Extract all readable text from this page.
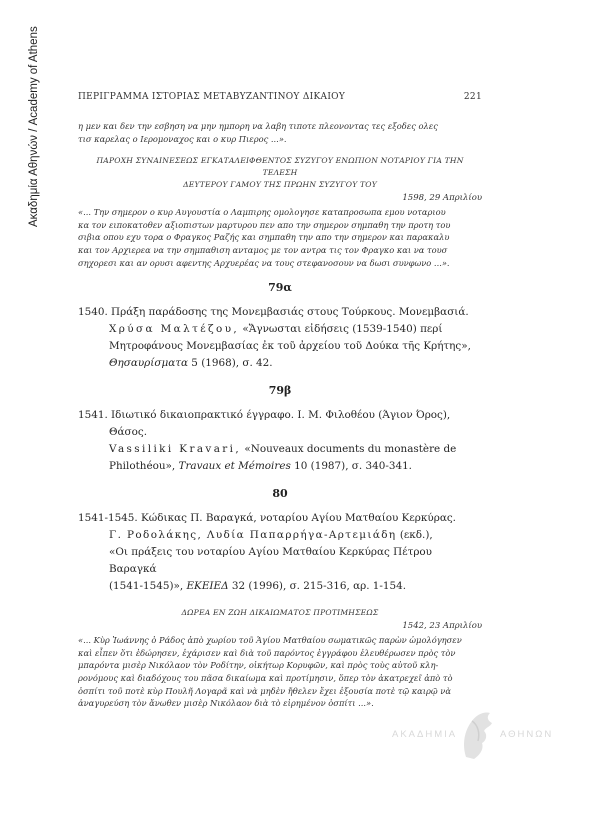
Ακαδημία Αθηνών / Academy of Athens	ΠΕΡΙΓΡΑΜΜΑ ΙΣΤΟΡΙΑΣ ΜΕΤΑΒΥΖΑΝΤΙΝΟΥ ΔΙΚΑΙΟΥ	221

η μεν και δεν την εσβηση να μην ημπορη να λαβη τιποτε πλεονοντας τες εξοδες ολες

τισ καρελας ο Ιερομοναχος και ο κυρ Πιερος ...».

ΠΑΡΟΧΗ ΣΥΝΑΙΝΕΣΕΩΣ ΕΓΚΑΤΑΛΕΙΦΘΕΝΤΟΣ ΣΥΖΥΓΟΥ ΕΝΩΠΙΟΝ ΝΟΤΑΡΙΟΥ ΓΙΑ ΤΗΝ ΤΕΛΕΣΗ

ΔΕΥΤΕΡΟΥ ΓΑΜΟΥ ΤΗΣ ΠΡΩΗΝ ΣΥΖΥΓΟΥ ΤΟΥ

1598, 29 Απριλίου

«... Την σημερον ο κυρ Αυγουστία ο Λαμπιρης ομολογησε καταπροσωπα εμου νοταριου

κα τον ειποκατοθεν αξιοπιστων μαρτυρου πεν απο την σημερον σημπαθη την προτη του

σιβια οπου εχυ τορα ο Φραγκος Ραζής και σημπαθη την απο την σημερον και παρακαλυ

και τον Αρχιερεα να την σημπαθιση ανταμος με τον αντρα τις τον Φραγκο και να τουσ

σηχορεσι και αν ορυσι αφεντης Αρχυερέας να τους στεφανοσουν να δωσι συνφωνο ...».

79α
1540. Πράξη παράδοσης της Μονεμβασιάς στους Τούρκους. Μονεμβασιά.
Χρύσα Μαλτέζου, «Ἄγνωσται εἰδήσεις (1539-1540) περί
Μητροφάνους Μονεμβασίας ἐκ τοῦ ἀρχείου τοῦ Δούκα τῆς Κρήτης»,
Θησαυρίσματα 5 (1968), σ. 42.
79β
1541. Ιδιωτικό δικαιοπρακτικό έγγραφο. Ι. Μ. Φιλοθέου (Άγιον Όρος),
Θάσος.
Vassiliki Kravari, «Nouveaux documents du monastère de
Philothéou», Travaux et Mémoires 10 (1987), σ. 340-341.
80
1541-1545. Κώδικας Π. Βαραγκά, νοταρίου Αγίου Ματθαίου Κερκύρας.
Γ. Ροδολάκης, Λυδία Παπαρρήγα-Αρτεμιάδη (εκδ.),
«Οι πράξεις του νοταρίου Αγίου Ματθαίου Κερκύρας Πέτρου Βαραγκά
(1541-1545)», ΕΚΕΙΕΔ 32 (1996), σ. 215-316, αρ. 1-154.

ΔΩΡΕΑ ΕΝ ΖΩΗ ΔΙΚΑΙΩΜΑΤΟΣ ΠΡΟΤΙΜΗΣΕΩΣ

1542, 23 Απριλίου

«... Κὺρ Ἰωάννης ὁ Ράδος ἀπὸ χωρίου τοῦ Ἁγίου Ματθαίου σωματικῶς παρὼν ὡμολόγησεν

καὶ εἶπεν ὅτι ἐδώρησεν, ἐχάρισεν καὶ διὰ τοῦ παρόντος ἐγγράφου ἐλευθέρωσεν πρὸς τὸν

μπαρόντα μισὲρ Νικόλαον τὸν Ροδίτην, οἰκήτωρ Κορυφῶν, καὶ πρὸς τοὺς αὐτοῦ κλη-

ρονόμους καὶ διαδόχους του πᾶσα δικαίωμα καὶ προτίμησιν, ὅπερ τὸν ἀκατρεχεῖ ἀπὸ τὸ

ὀσπίτι τοῦ ποτὲ κὺρ Πουλῆ Λογαρᾶ καὶ νὰ μηδὲν ἤθελεν ἔχει ἐξουσία ποτὲ τῷ καιρῷ νὰ

ἀναγυρεύση τὸν ἄνωθεν μισὲρ Νικόλαον διὰ τὸ εἰρημένον ὀσπίτι ...».

ΑΚΑΔΗΜΙΑ	ΑΘΗΝΩΝ
